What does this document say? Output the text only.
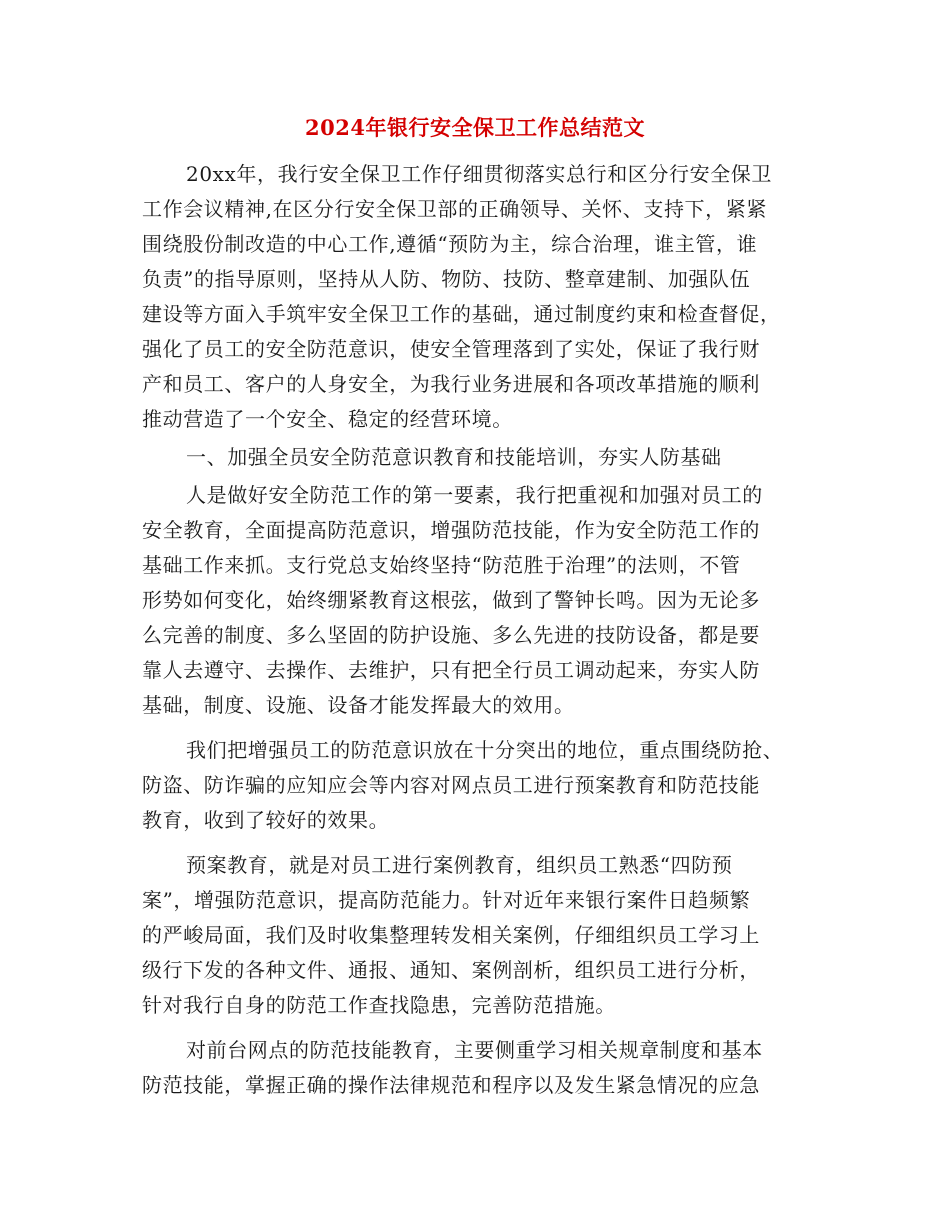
2024年银行安全保卫工作总结范文
20xx年，我行安全保卫工作仔细贯彻落实总行和区分行安全保卫
工作会议精神,在区分行安全保卫部的正确领导、关怀、支持下，紧紧
围绕股份制改造的中心工作,遵循“预防为主，综合治理，谁主管，谁
负责”的指导原则，坚持从人防、物防、技防、整章建制、加强队伍
建设等方面入手筑牢安全保卫工作的基础，通过制度约束和检查督促，
强化了员工的安全防范意识，使安全管理落到了实处，保证了我行财
产和员工、客户的人身安全，为我行业务进展和各项改革措施的顺利
推动营造了一个安全、稳定的经营环境。
一、加强全员安全防范意识教育和技能培训，夯实人防基础
人是做好安全防范工作的第一要素，我行把重视和加强对员工的
安全教育，全面提高防范意识，增强防范技能，作为安全防范工作的
基础工作来抓。支行党总支始终坚持“防范胜于治理”的法则，不管
形势如何变化，始终绷紧教育这根弦，做到了警钟长鸣。因为无论多
么完善的制度、多么坚固的防护设施、多么先进的技防设备，都是要
靠人去遵守、去操作、去维护，只有把全行员工调动起来，夯实人防
基础，制度、设施、设备才能发挥最大的效用。
我们把增强员工的防范意识放在十分突出的地位，重点围绕防抢、
防盗、防诈骗的应知应会等内容对网点员工进行预案教育和防范技能
教育，收到了较好的效果。
预案教育，就是对员工进行案例教育，组织员工熟悉“四防预
案”，增强防范意识，提高防范能力。针对近年来银行案件日趋频繁
的严峻局面，我们及时收集整理转发相关案例，仔细组织员工学习上
级行下发的各种文件、通报、通知、案例剖析，组织员工进行分析，
针对我行自身的防范工作查找隐患，完善防范措施。
对前台网点的防范技能教育，主要侧重学习相关规章制度和基本
防范技能，掌握正确的操作法律规范和程序以及发生紧急情况的应急
